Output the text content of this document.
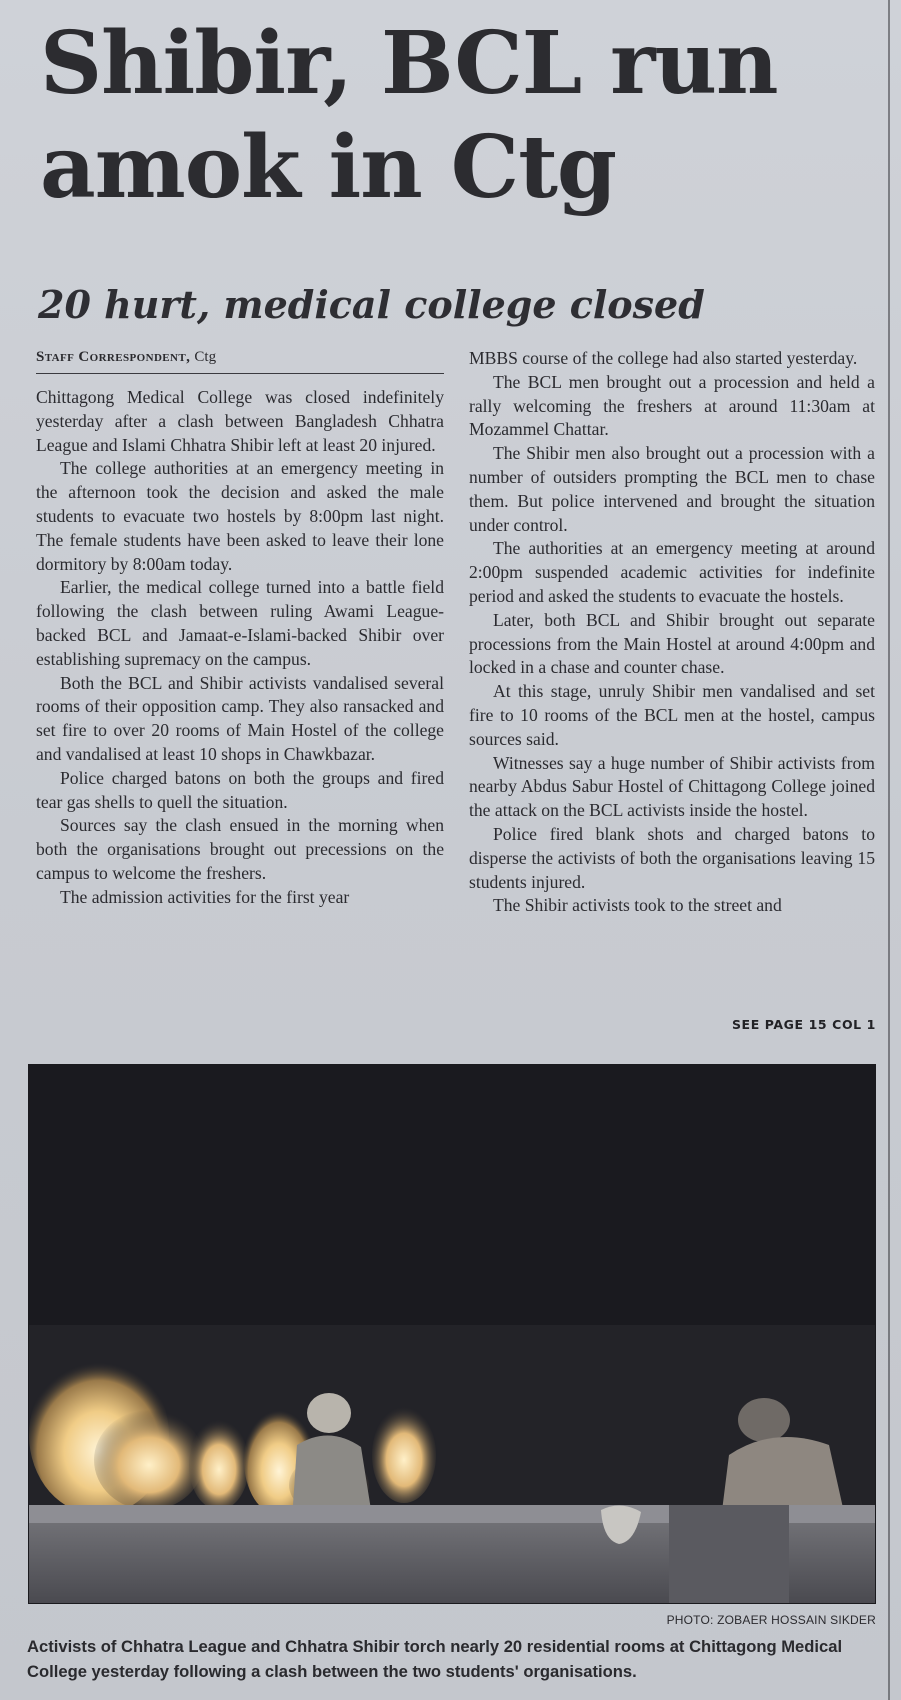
Shibir, BCL run amok in Ctg
20 hurt, medical college closed
Staff Correspondent, Ctg

Chittagong Medical College was closed indefinitely yesterday after a clash between Bangladesh Chhatra League and Islami Chhatra Shibir left at least 20 injured.

The college authorities at an emergency meeting in the afternoon took the decision and asked the male students to evacuate two hostels by 8:00pm last night. The female students have been asked to leave their lone dormitory by 8:00am today.

Earlier, the medical college turned into a battle field following the clash between ruling Awami League-backed BCL and Jamaat-e-Islami-backed Shibir over establishing supremacy on the campus.

Both the BCL and Shibir activists vandalised several rooms of their opposition camp. They also ransacked and set fire to over 20 rooms of Main Hostel of the college and vandalised at least 10 shops in Chawkbazar.

Police charged batons on both the groups and fired tear gas shells to quell the situation.

Sources say the clash ensued in the morning when both the organisations brought out precessions on the campus to welcome the freshers.

The admission activities for the first year

MBBS course of the college had also started yesterday.

The BCL men brought out a procession and held a rally welcoming the freshers at around 11:30am at Mozammel Chattar.

The Shibir men also brought out a procession with a number of outsiders prompting the BCL men to chase them. But police intervened and brought the situation under control.

The authorities at an emergency meeting at around 2:00pm suspended academic activities for indefinite period and asked the students to evacuate the hostels.

Later, both BCL and Shibir brought out separate processions from the Main Hostel at around 4:00pm and locked in a chase and counter chase.

At this stage, unruly Shibir men vandalised and set fire to 10 rooms of the BCL men at the hostel, campus sources said.

Witnesses say a huge number of Shibir activists from nearby Abdus Sabur Hostel of Chittagong College joined the attack on the BCL activists inside the hostel.

Police fired blank shots and charged batons to disperse the activists of both the organisations leaving 15 students injured.

The Shibir activists took to the street and

SEE PAGE 15 COL 1
PHOTO: ZOBAER HOSSAIN SIKDER

Activists of Chhatra League and Chhatra Shibir torch nearly 20 residential rooms at Chittagong Medical College yesterday following a clash between the two students' organisations.
